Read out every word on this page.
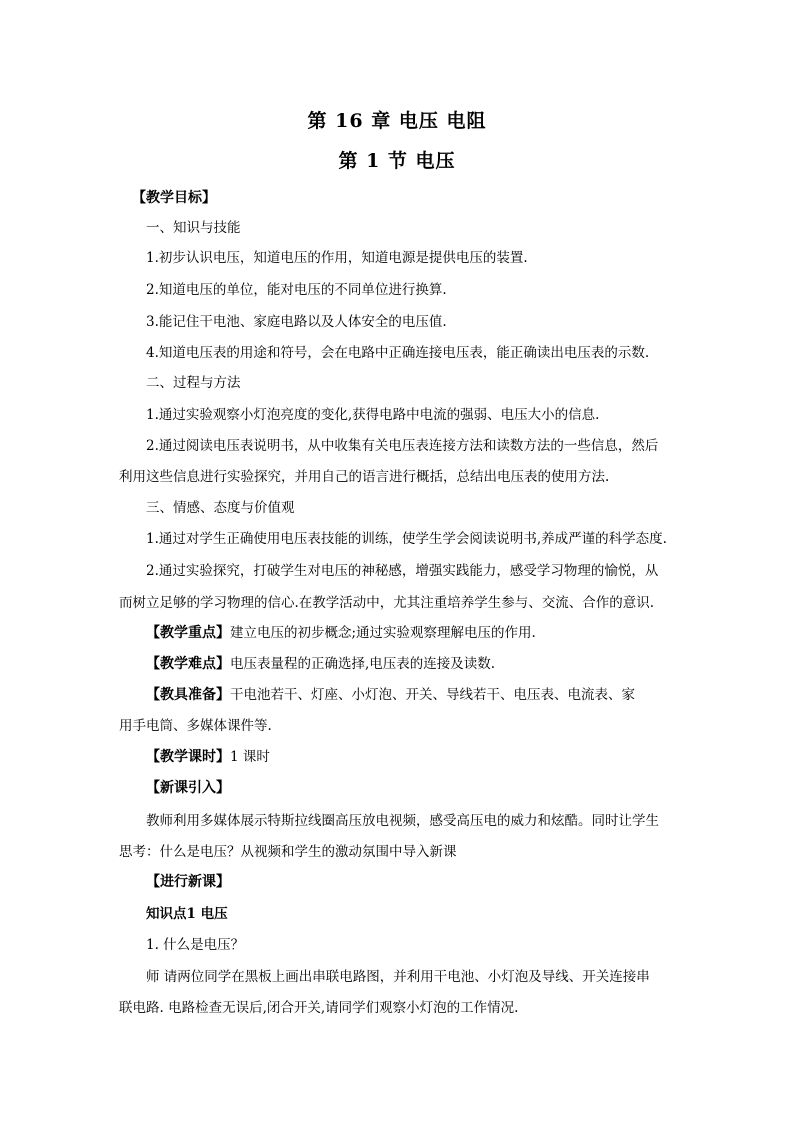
第 16 章 电压 电阻
第 1 节 电压
【教学目标】
一、知识与技能
1.初步认识电压，知道电压的作用，知道电源是提供电压的装置.
2.知道电压的单位，能对电压的不同单位进行换算.
3.能记住干电池、家庭电路以及人体安全的电压值.
4.知道电压表的用途和符号，会在电路中正确连接电压表，能正确读出电压表的示数.
二、过程与方法
1.通过实验观察小灯泡亮度的变化,获得电路中电流的强弱、电压大小的信息.
2.通过阅读电压表说明书，从中收集有关电压表连接方法和读数方法的一些信息，然后
利用这些信息进行实验探究，并用自己的语言进行概括，总结出电压表的使用方法.
三、情感、态度与价值观
1.通过对学生正确使用电压表技能的训练，使学生学会阅读说明书,养成严谨的科学态度.
2.通过实验探究，打破学生对电压的神秘感，增强实践能力，感受学习物理的愉悦，从
而树立足够的学习物理的信心.在教学活动中，尤其注重培养学生参与、交流、合作的意识.
【教学重点】建立电压的初步概念;通过实验观察理解电压的作用.
【教学难点】电压表量程的正确选择,电压表的连接及读数.
【教具准备】干电池若干、灯座、小灯泡、开关、导线若干、电压表、电流表、家
用手电筒、多媒体课件等.
【教学课时】1 课时
【新课引入】
教师利用多媒体展示特斯拉线圈高压放电视频，感受高压电的威力和炫酷。同时让学生
思考：什么是电压？从视频和学生的激动氛围中导入新课
【进行新课】
知识点1 电压
1. 什么是电压？
师 请两位同学在黑板上画出串联电路图，并利用干电池、小灯泡及导线、开关连接串
联电路. 电路检查无误后,闭合开关,请同学们观察小灯泡的工作情况.
